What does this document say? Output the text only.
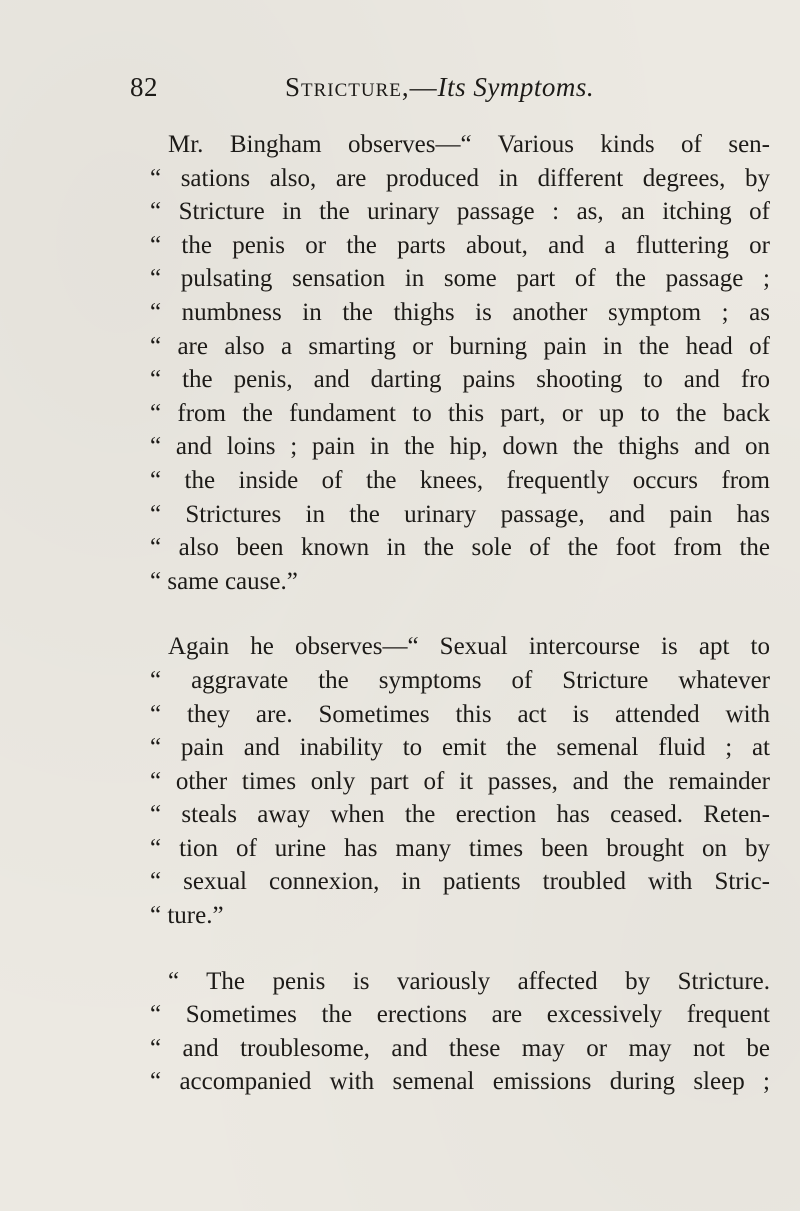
82	Stricture,—Its Symptoms.
Mr. Bingham observes—“ Various kinds of sen-
“ sations also, are produced in different degrees, by
“ Stricture in the urinary passage : as, an itching of
“ the penis or the parts about, and a fluttering or
“ pulsating sensation in some part of the passage ;
“ numbness in the thighs is another symptom ; as
“ are also a smarting or burning pain in the head of
“ the penis, and darting pains shooting to and fro
“ from the fundament to this part, or up to the back
“ and loins ; pain in the hip, down the thighs and on
“ the inside of the knees, frequently occurs from
“ Strictures in the urinary passage, and pain has
“ also been known in the sole of the foot from the
“ same cause.”
Again he observes—“ Sexual intercourse is apt to
“ aggravate the symptoms of Stricture whatever
“ they are. Sometimes this act is attended with
“ pain and inability to emit the semenal fluid ; at
“ other times only part of it passes, and the remainder
“ steals away when the erection has ceased. Reten-
“ tion of urine has many times been brought on by
“ sexual connexion, in patients troubled with Stric-
“ ture.”
“ The penis is variously affected by Stricture.
“ Sometimes the erections are excessively frequent
“ and troublesome, and these may or may not be
“ accompanied with semenal emissions during sleep ;
